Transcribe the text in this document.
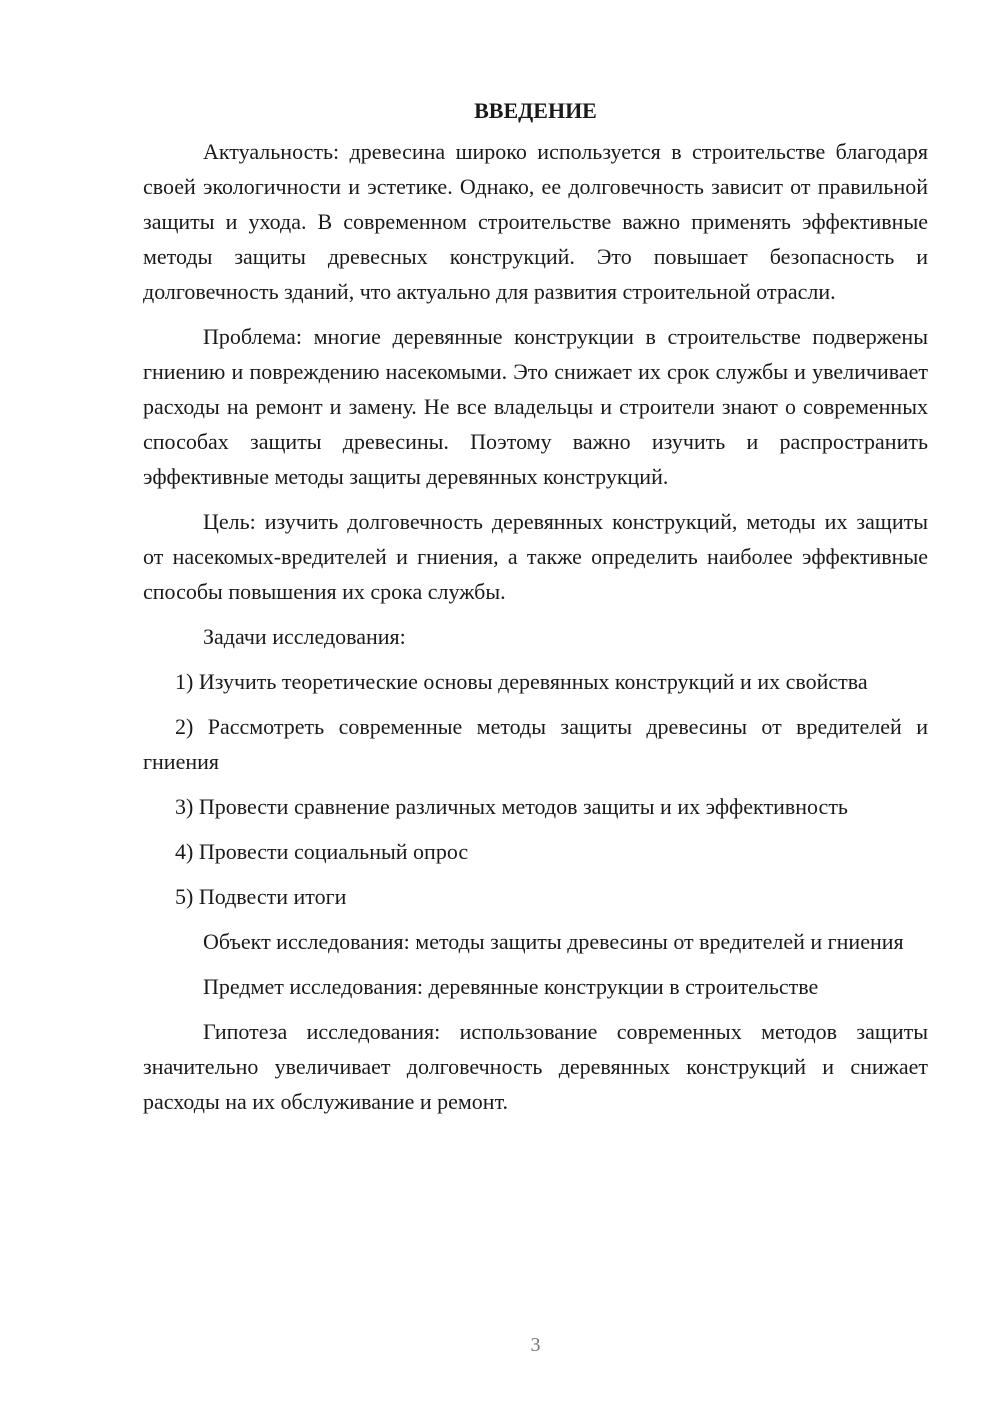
ВВЕДЕНИЕ

Актуальность: древесина широко используется в строительстве благодаря своей экологичности и эстетике. Однако, ее долговечность зависит от правильной защиты и ухода. В современном строительстве важно применять эффективные методы защиты древесных конструкций. Это повышает безопасность и долговечность зданий, что актуально для развития строительной отрасли.

Проблема: многие деревянные конструкции в строительстве подвержены гниению и повреждению насекомыми. Это снижает их срок службы и увеличивает расходы на ремонт и замену. Не все владельцы и строители знают о современных способах защиты древесины. Поэтому важно изучить и распространить эффективные методы защиты деревянных конструкций.

Цель: изучить долговечность деревянных конструкций, методы их защиты от насекомых-вредителей и гниения, а также определить наиболее эффективные способы повышения их срока службы.

Задачи исследования:

1) Изучить теоретические основы деревянных конструкций и их свойства

2) Рассмотреть современные методы защиты древесины от вредителей и гниения

3) Провести сравнение различных методов защиты и их эффективность

4) Провести социальный опрос

5) Подвести итоги

Объект исследования: методы защиты древесины от вредителей и гниения

Предмет исследования: деревянные конструкции в строительстве

Гипотеза исследования: использование современных методов защиты значительно увеличивает долговечность деревянных конструкций и снижает расходы на их обслуживание и ремонт.

3
